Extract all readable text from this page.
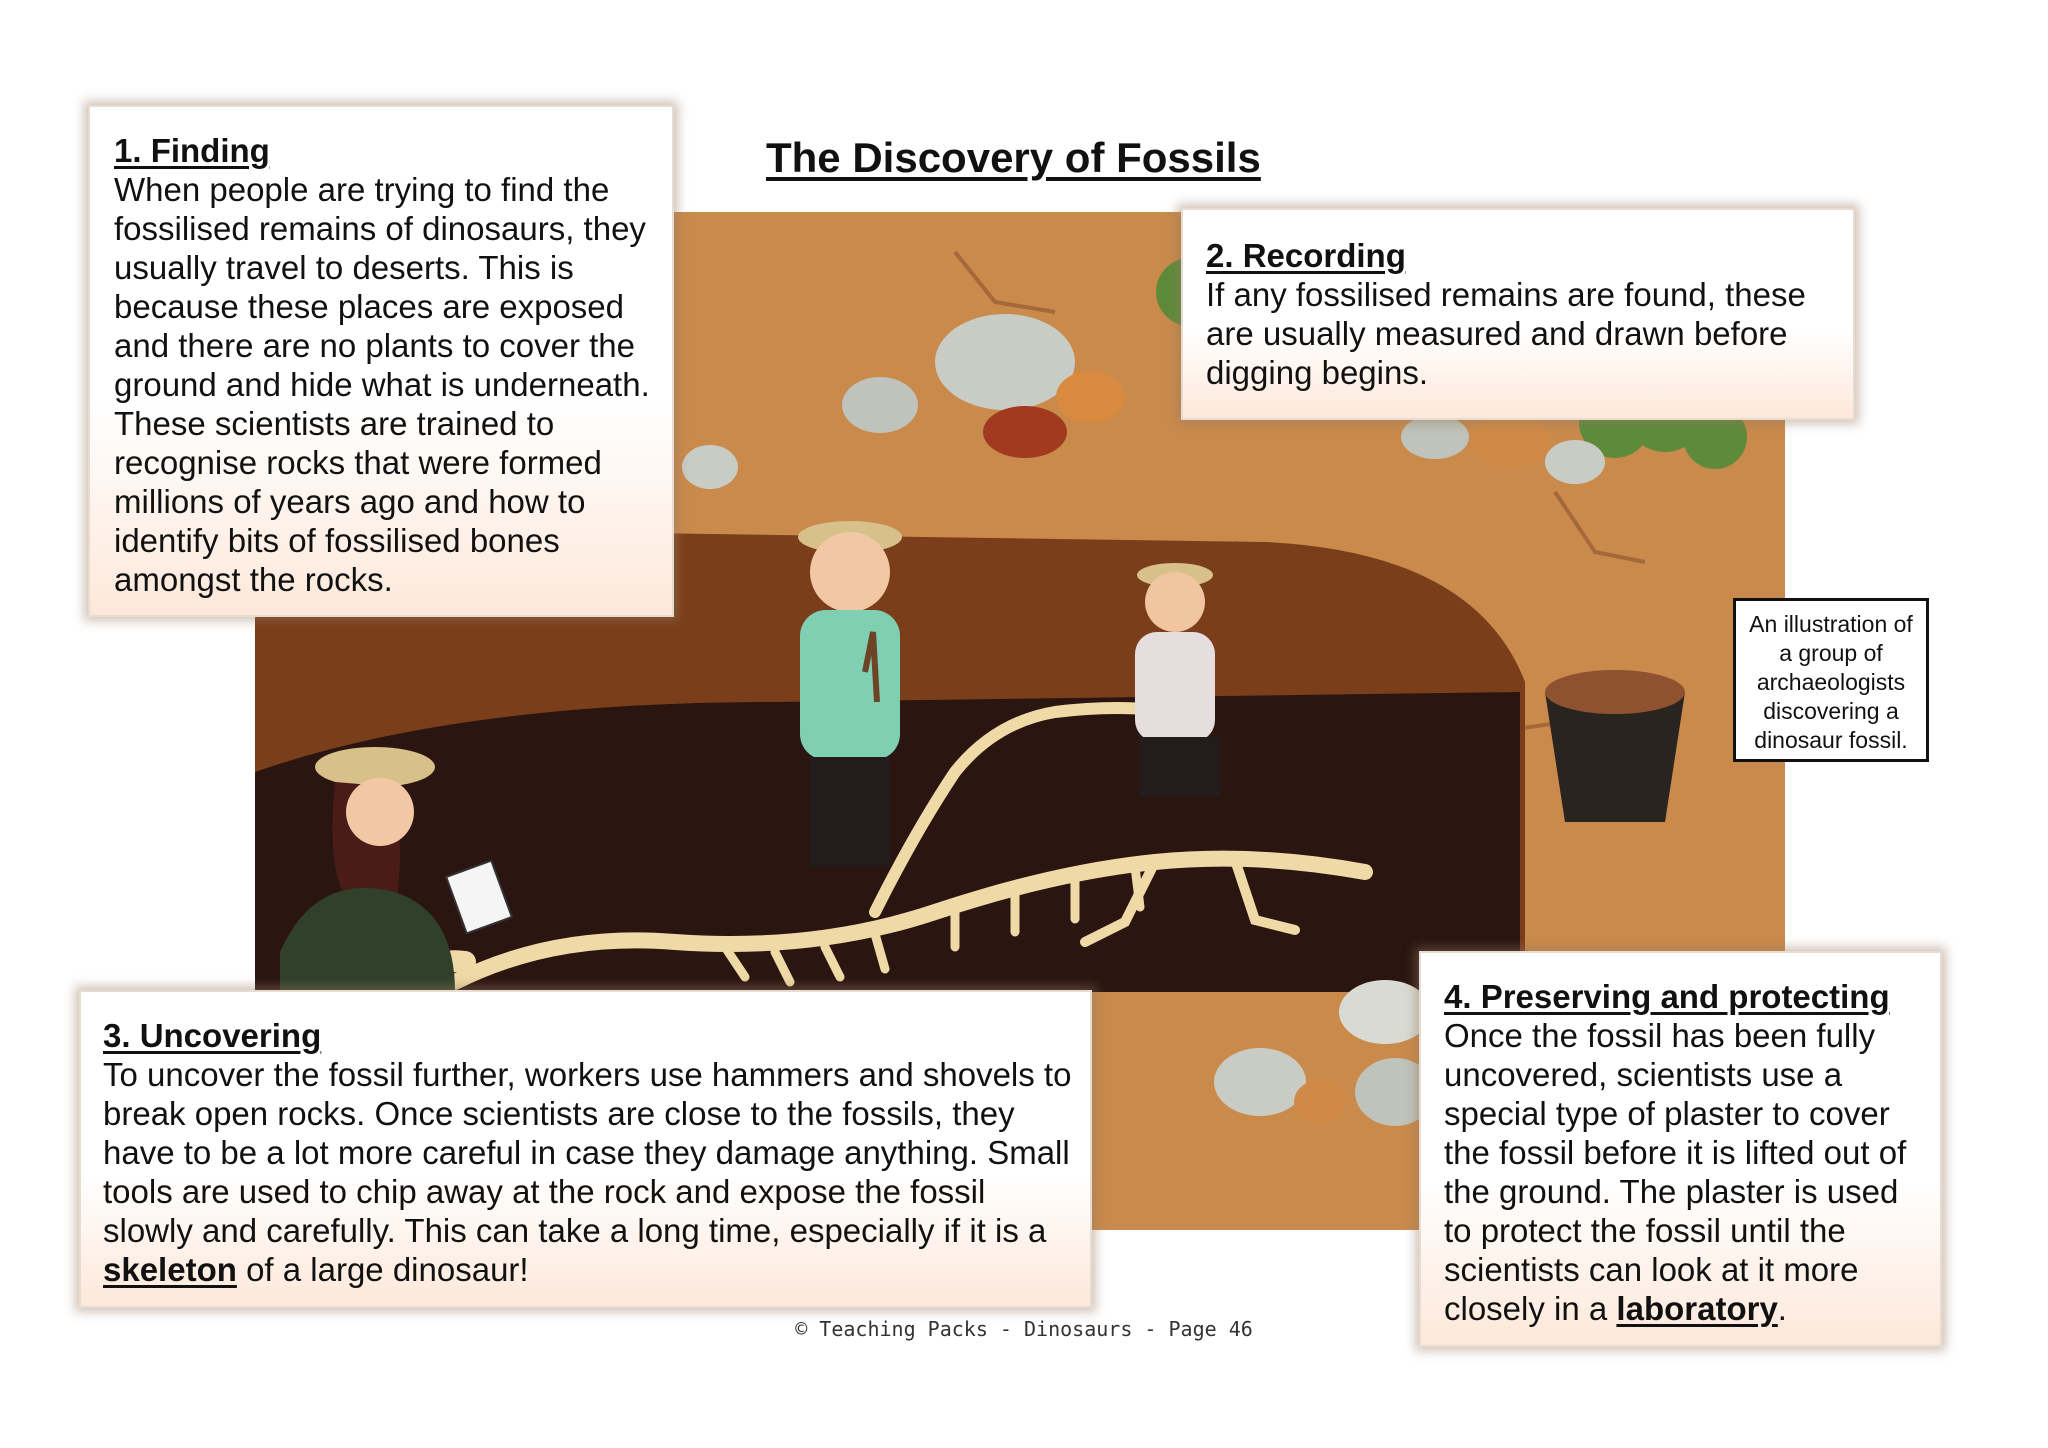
The Discovery of Fossils
1. Finding

When people are trying to find the fossilised remains of dinosaurs, they usually travel to deserts. This is because these places are exposed and there are no plants to cover the ground and hide what is underneath. These scientists are trained to recognise rocks that were formed millions of years ago and how to identify bits of fossilised bones amongst the rocks.

2. Recording

If any fossilised remains are found, these are usually measured and drawn before digging begins.

3. Uncovering

To uncover the fossil further, workers use hammers and shovels to break open rocks. Once scientists are close to the fossils, they have to be a lot more careful in case they damage anything. Small tools are used to chip away at the rock and expose the fossil slowly and carefully. This can take a long time, especially if it is a skeleton of a large dinosaur!

4. Preserving and protecting

Once the fossil has been fully uncovered, scientists use a special type of plaster to cover the fossil before it is lifted out of the ground. The plaster is used to protect the fossil until the scientists can look at it more closely in a laboratory.

An illustration of a group of archaeologists discovering a dinosaur fossil.
© Teaching Packs - Dinosaurs - Page 46
